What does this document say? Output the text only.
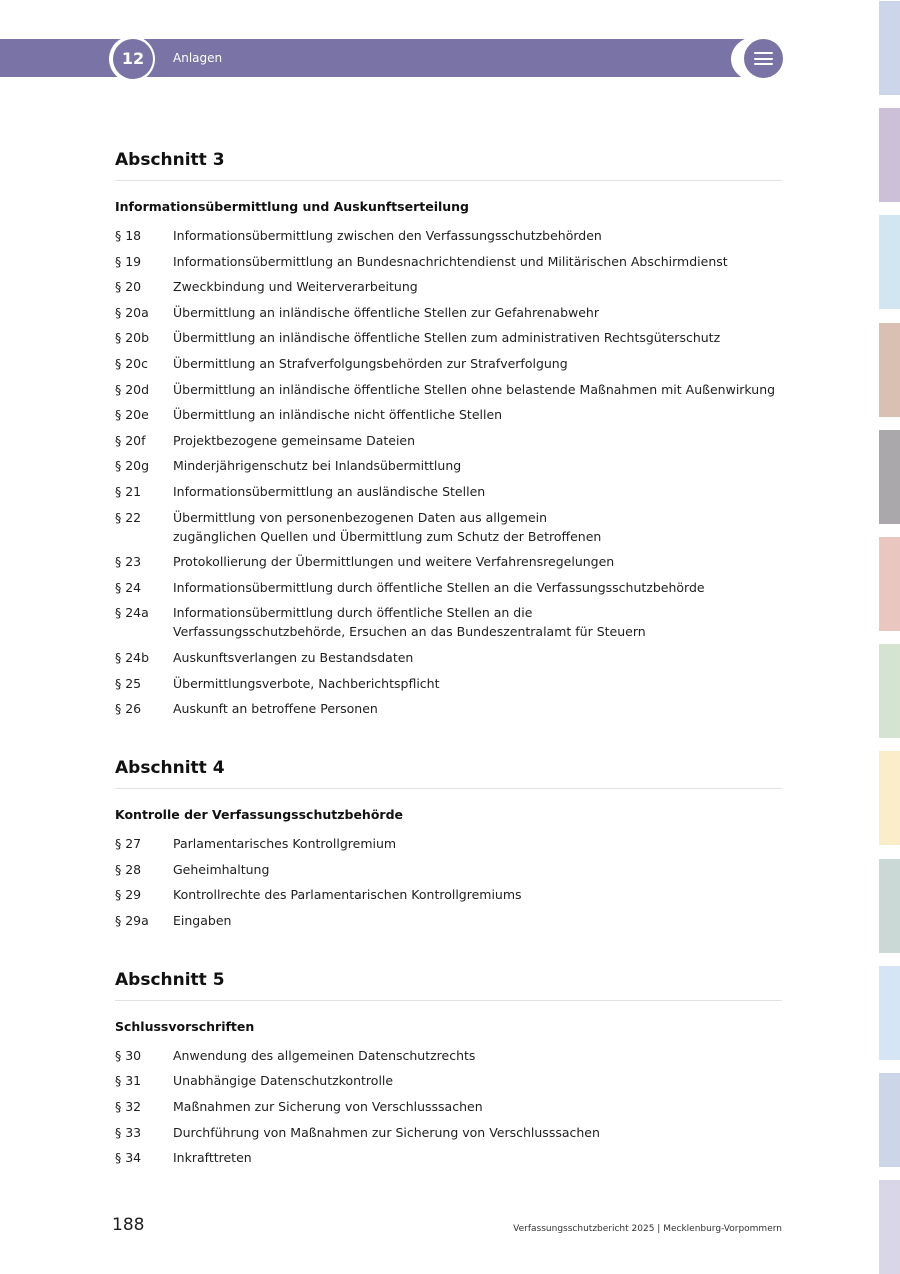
12	Anlagen
Abschnitt 3
Informationsübermittlung und Auskunftserteilung
§ 18	Informationsübermittlung zwischen den Verfassungsschutzbehörden
§ 19	Informationsübermittlung an Bundesnachrichtendienst und Militärischen Abschirmdienst
§ 20	Zweckbindung und Weiterverarbeitung
§ 20a	Übermittlung an inländische öffentliche Stellen zur Gefahrenabwehr
§ 20b	Übermittlung an inländische öffentliche Stellen zum administrativen Rechtsgüterschutz
§ 20c	Übermittlung an Strafverfolgungsbehörden zur Strafverfolgung
§ 20d	Übermittlung an inländische öffentliche Stellen ohne belastende Maßnahmen mit Außenwirkung
§ 20e	Übermittlung an inländische nicht öffentliche Stellen
§ 20f	Projektbezogene gemeinsame Dateien
§ 20g	Minderjährigenschutz bei Inlandsübermittlung
§ 21	Informationsübermittlung an ausländische Stellen
§ 22	Übermittlung von personenbezogenen Daten aus allgemein
zugänglichen Quellen und Übermittlung zum Schutz der Betroffenen
§ 23	Protokollierung der Übermittlungen und weitere Verfahrensregelungen
§ 24	Informationsübermittlung durch öffentliche Stellen an die Verfassungsschutzbehörde
§ 24a	Informationsübermittlung durch öffentliche Stellen an die
Verfassungsschutzbehörde, Ersuchen an das Bundeszentralamt für Steuern
§ 24b	Auskunftsverlangen zu Bestandsdaten
§ 25	Übermittlungsverbote, Nachberichtspflicht
§ 26	Auskunft an betroffene Personen
Abschnitt 4
Kontrolle der Verfassungsschutzbehörde
§ 27	Parlamentarisches Kontrollgremium
§ 28	Geheimhaltung
§ 29	Kontrollrechte des Parlamentarischen Kontrollgremiums
§ 29a	Eingaben
Abschnitt 5
Schlussvorschriften
§ 30	Anwendung des allgemeinen Datenschutzrechts
§ 31	Unabhängige Datenschutzkontrolle
§ 32	Maßnahmen zur Sicherung von Verschlusssachen
§ 33	Durchführung von Maßnahmen zur Sicherung von Verschlusssachen
§ 34	Inkrafttreten
188	Verfassungsschutzbericht 2025 | Mecklenburg-Vorpommern
